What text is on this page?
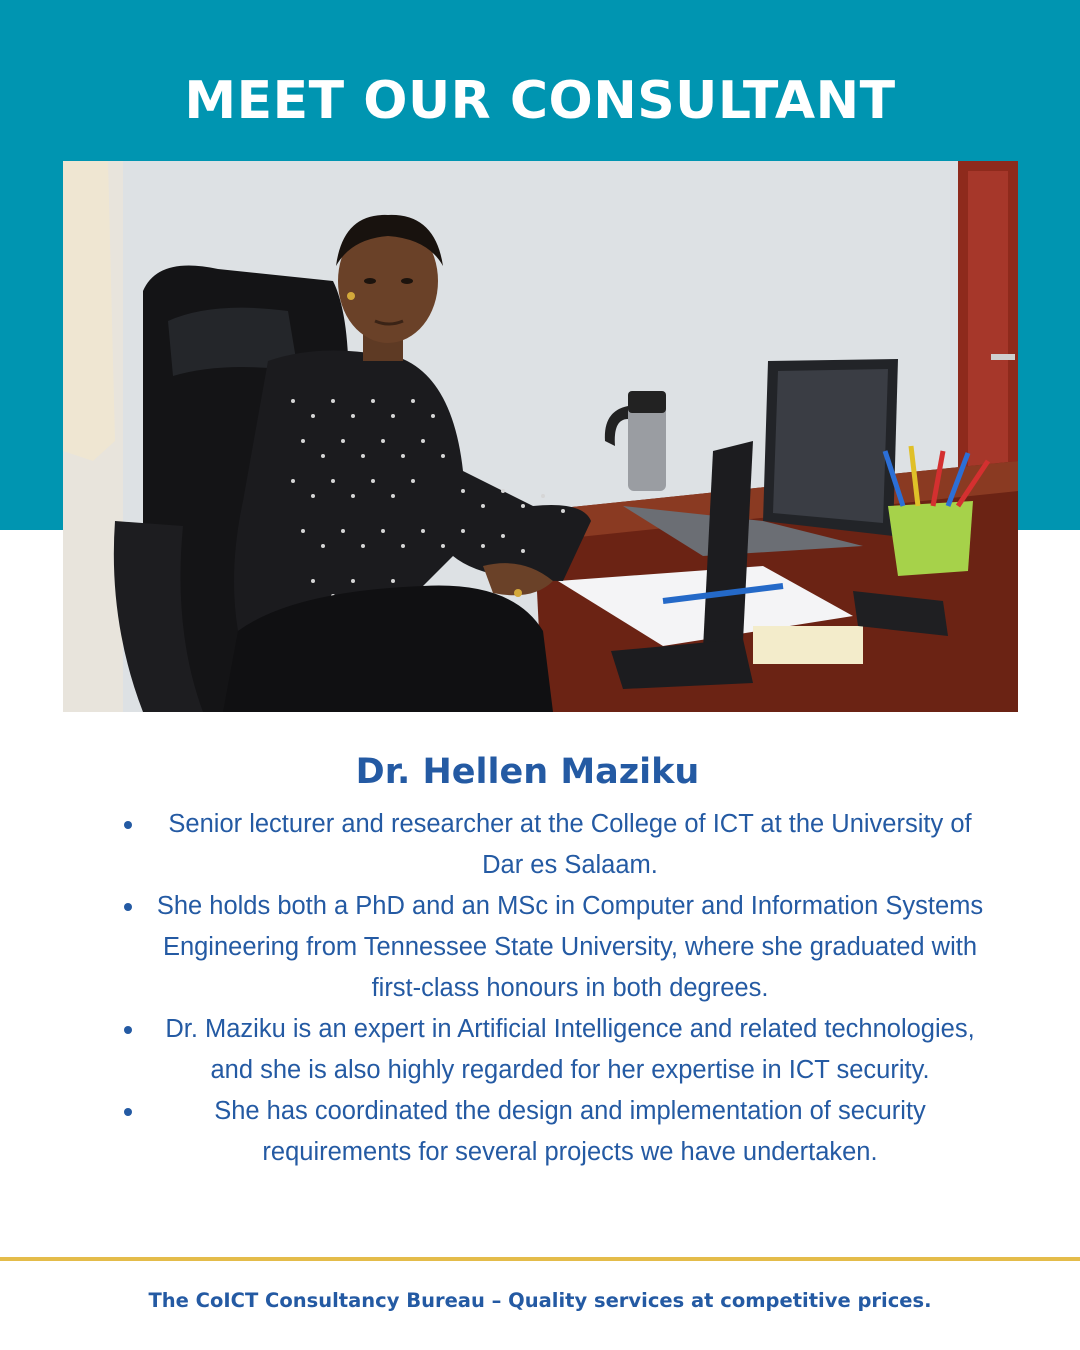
MEET OUR CONSULTANT
Dr. Hellen Maziku
Senior lecturer and researcher at the College of ICT at the University of Dar es Salaam.
She holds both a PhD and an MSc in Computer and Information Systems Engineering from Tennessee State University, where she graduated with first-class honours in both degrees.
Dr. Maziku is an expert in Artificial Intelligence and related technologies, and she is also highly regarded for her expertise in ICT security.
She has coordinated the design and implementation of security requirements for several projects we have undertaken.
The CoICT Consultancy Bureau – Quality services at competitive prices.
